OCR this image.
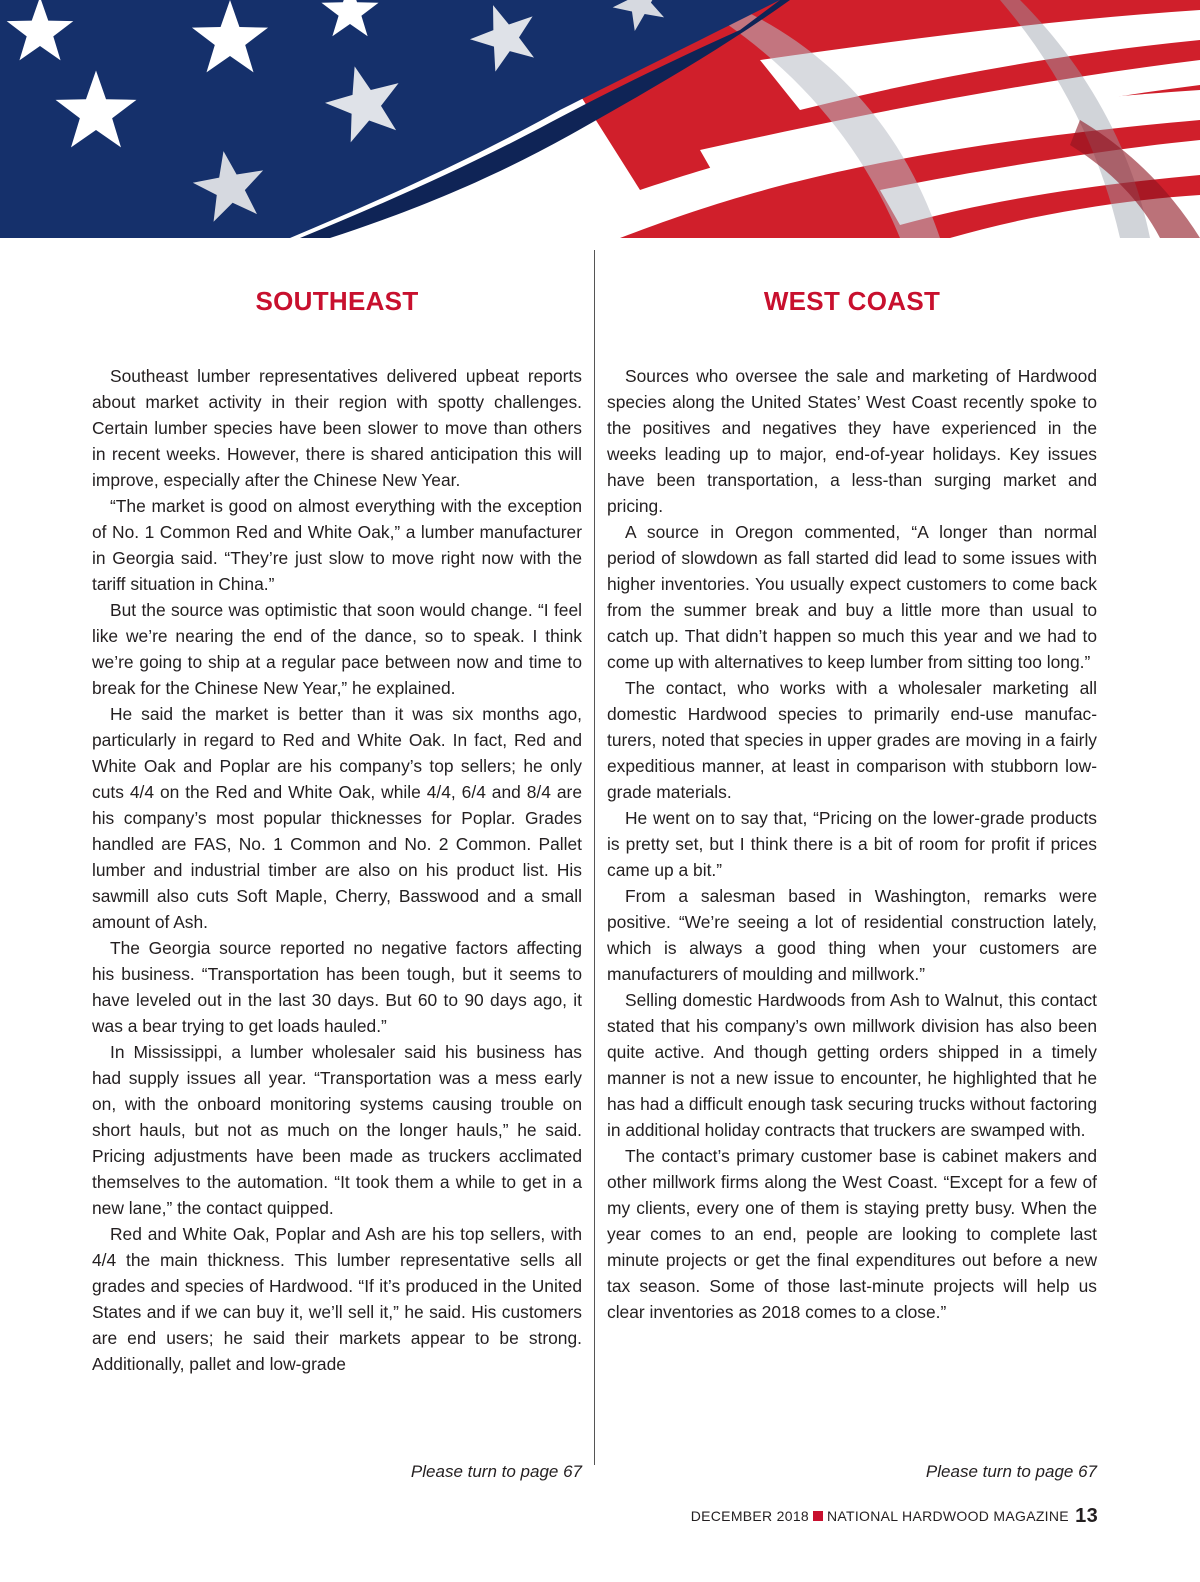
SOUTHEAST

Southeast lumber representatives delivered upbeat reports about market activity in their region with spotty challenges. Certain lumber species have been slower to move than others in recent weeks. However, there is shared anticipation this will improve, especially after the Chinese New Year.

“The market is good on almost everything with the exception of No. 1 Common Red and White Oak,” a lumber manufacturer in Georgia said. “They’re just slow to move right now with the tariff situation in China.”

But the source was optimistic that soon would change. “I feel like we’re nearing the end of the dance, so to speak. I think we’re going to ship at a regular pace between now and time to break for the Chinese New Year,” he explained.

He said the market is better than it was six months ago, particularly in regard to Red and White Oak. In fact, Red and White Oak and Poplar are his company’s top sellers; he only cuts 4/4 on the Red and White Oak, while 4/4, 6/4 and 8/4 are his company’s most popular thicknesses for Poplar. Grades handled are FAS, No. 1 Common and No. 2 Common. Pallet lumber and industrial timber are also on his product list. His sawmill also cuts Soft Maple, Cherry, Basswood and a small amount of Ash.

The Georgia source reported no negative factors affecting his business. “Transportation has been tough, but it seems to have leveled out in the last 30 days. But 60 to 90 days ago, it was a bear trying to get loads hauled.”

In Mississippi, a lumber wholesaler said his business has had supply issues all year. “Transportation was a mess early on, with the onboard monitoring systems causing trouble on short hauls, but not as much on the longer hauls,” he said. Pricing adjustments have been made as truckers acclimated themselves to the automation. “It took them a while to get in a new lane,” the contact quipped.

Red and White Oak, Poplar and Ash are his top sellers, with 4/4 the main thickness. This lumber representative sells all grades and species of Hardwood. “If it’s produced in the United States and if we can buy it, we’ll sell it,” he said. His customers are end users; he said their markets appear to be strong. Additionally, pallet and low-grade

Please turn to page 67
WEST COAST

Sources who oversee the sale and marketing of Hardwood species along the United States’ West Coast recently spoke to the positives and negatives they have experienced in the weeks leading up to major, end-of-year holidays. Key issues have been transportation, a less-than surging market and pricing.

A source in Oregon commented, “A longer than normal period of slowdown as fall started did lead to some issues with higher inventories. You usually expect customers to come back from the summer break and buy a little more than usual to catch up. That didn’t happen so much this year and we had to come up with alternatives to keep lumber from sitting too long.”

The contact, who works with a wholesaler marketing all domestic Hardwood species to primarily end-use manufacturers, noted that species in upper grades are moving in a fairly expeditious manner, at least in comparison with stubborn low-grade materials.

He went on to say that, “Pricing on the lower-grade products is pretty set, but I think there is a bit of room for profit if prices came up a bit.”

From a salesman based in Washington, remarks were positive. “We’re seeing a lot of residential construction lately, which is always a good thing when your customers are manufacturers of moulding and millwork.”

Selling domestic Hardwoods from Ash to Walnut, this contact stated that his company’s own millwork division has also been quite active. And though getting orders shipped in a timely manner is not a new issue to encounter, he highlighted that he has had a difficult enough task securing trucks without factoring in additional holiday contracts that truckers are swamped with.

The contact’s primary customer base is cabinet makers and other millwork firms along the West Coast. “Except for a few of my clients, every one of them is staying pretty busy. When the year comes to an end, people are looking to complete last minute projects or get the final expenditures out before a new tax season. Some of those last-minute projects will help us clear inventories as 2018 comes to a close.”

Please turn to page 67
DECEMBER 2018 NATIONAL HARDWOOD MAGAZINE 13
